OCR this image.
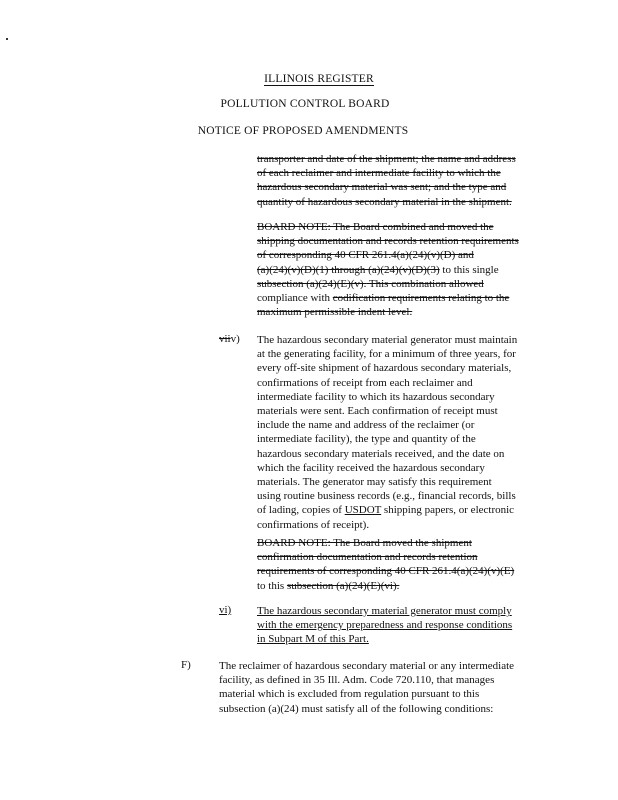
ILLINOIS REGISTER
POLLUTION CONTROL BOARD
NOTICE OF PROPOSED AMENDMENTS
transporter and date of the shipment; the name and address
of each reclaimer and intermediate facility to which the
hazardous secondary material was sent; and the type and
quantity of hazardous secondary material in the shipment.
BOARD NOTE: The Board combined and moved the
shipping documentation and records retention requirements
of corresponding 40 CFR 261.4(a)(24)(v)(D) and
(a)(24)(v)(D)(1) through (a)(24)(v)(D)(3) to this single
subsection (a)(24)(E)(v). This combination allowed
compliance with codification requirements relating to the
maximum permissible indent level.
viiv) The hazardous secondary material generator must maintain
at the generating facility, for a minimum of three years, for
every off-site shipment of hazardous secondary materials,
confirmations of receipt from each reclaimer and
intermediate facility to which its hazardous secondary
materials were sent. Each confirmation of receipt must
include the name and address of the reclaimer (or
intermediate facility), the type and quantity of the
hazardous secondary materials received, and the date on
which the facility received the hazardous secondary
materials. The generator may satisfy this requirement
using routine business records (e.g., financial records, bills
of lading, copies of USDOT shipping papers, or electronic
confirmations of receipt).
BOARD NOTE: The Board moved the shipment
confirmation documentation and records retention
requirements of corresponding 40 CFR 261.4(a)(24)(v)(E)
to this subsection (a)(24)(E)(vi).
vi) The hazardous secondary material generator must comply
with the emergency preparedness and response conditions
in Subpart M of this Part.
F)	The reclaimer of hazardous secondary material or any intermediate
facility, as defined in 35 Ill. Adm. Code 720.110, that manages
material which is excluded from regulation pursuant to this
subsection (a)(24) must satisfy all of the following conditions:
